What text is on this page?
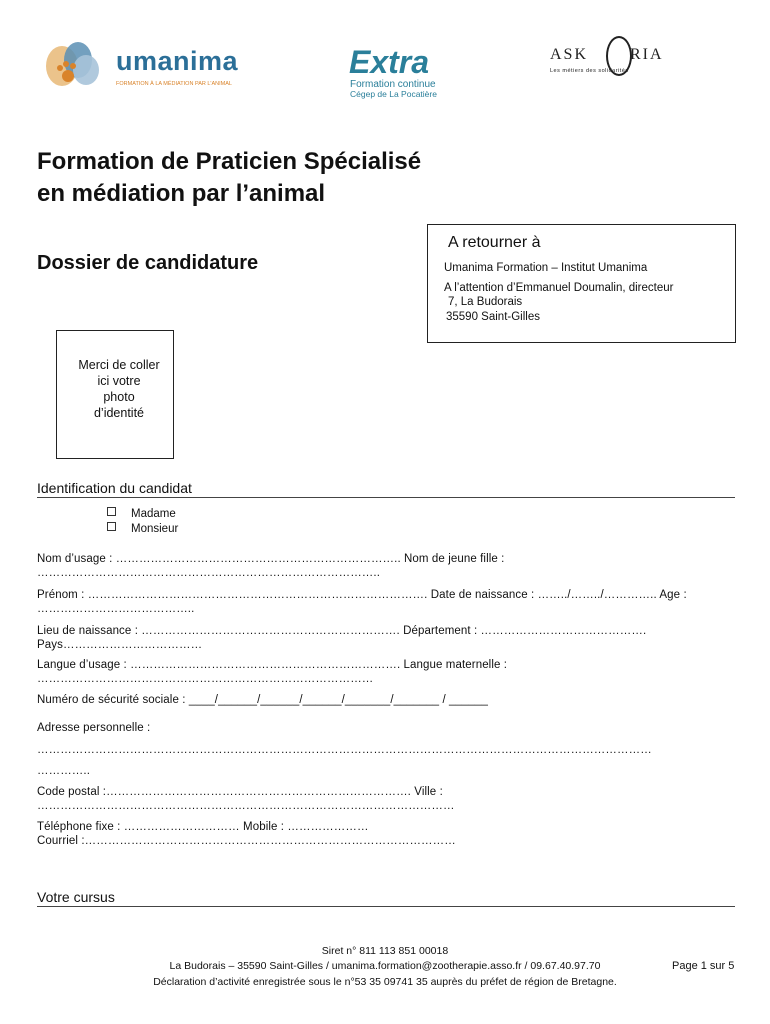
umanima
FORMATION À LA MÉDIATION PAR L'ANIMAL
Extra
Formation continue
Cégep de La Pocatière
ASK	RIA
Les métiers des solidarités
Formation de Praticien Spécialisé
en médiation par l’animal
Dossier de candidature
A retourner à
Umanima Formation – Institut Umanima
A l’attention d’Emmanuel Doumalin, directeur
7, La Budorais
35590 Saint-Gilles
Merci de coller
ici votre
photo
d’identité
Identification du candidat
Madame
Monsieur
Nom d’usage : ……………………………………………………………….. Nom de jeune fille :
……………………………………………………………………………..
Prénom : ……………………………………………………………………………. Date de naissance : ……../……../………….. Age :
…………………………………..
Lieu de naissance : …………………………………………………………. Département : …………………………………….
Pays………………………………
Langue d’usage : ……………………………………………………………. Langue maternelle :
……………………………………………………………………………
Numéro de sécurité sociale : ____/______/______/______/_______/_______ / ______
Adresse personnelle :
……………………………………………………………………………………………………………………………………………
…………..
Code postal :……………………………………………………………………. Ville :
………………………………………………………………………………………………
Téléphone fixe : ………………………… Mobile : …………………
Courriel :……………………………………………………………………………………
Votre cursus
Siret n° 811 113 851 00018
La Budorais – 35590 Saint-Gilles / umanima.formation@zootherapie.asso.fr / 09.67.40.97.70
Déclaration d’activité enregistrée sous le n°53 35 09741 35 auprès du préfet de région de Bretagne.
Page 1 sur 5
